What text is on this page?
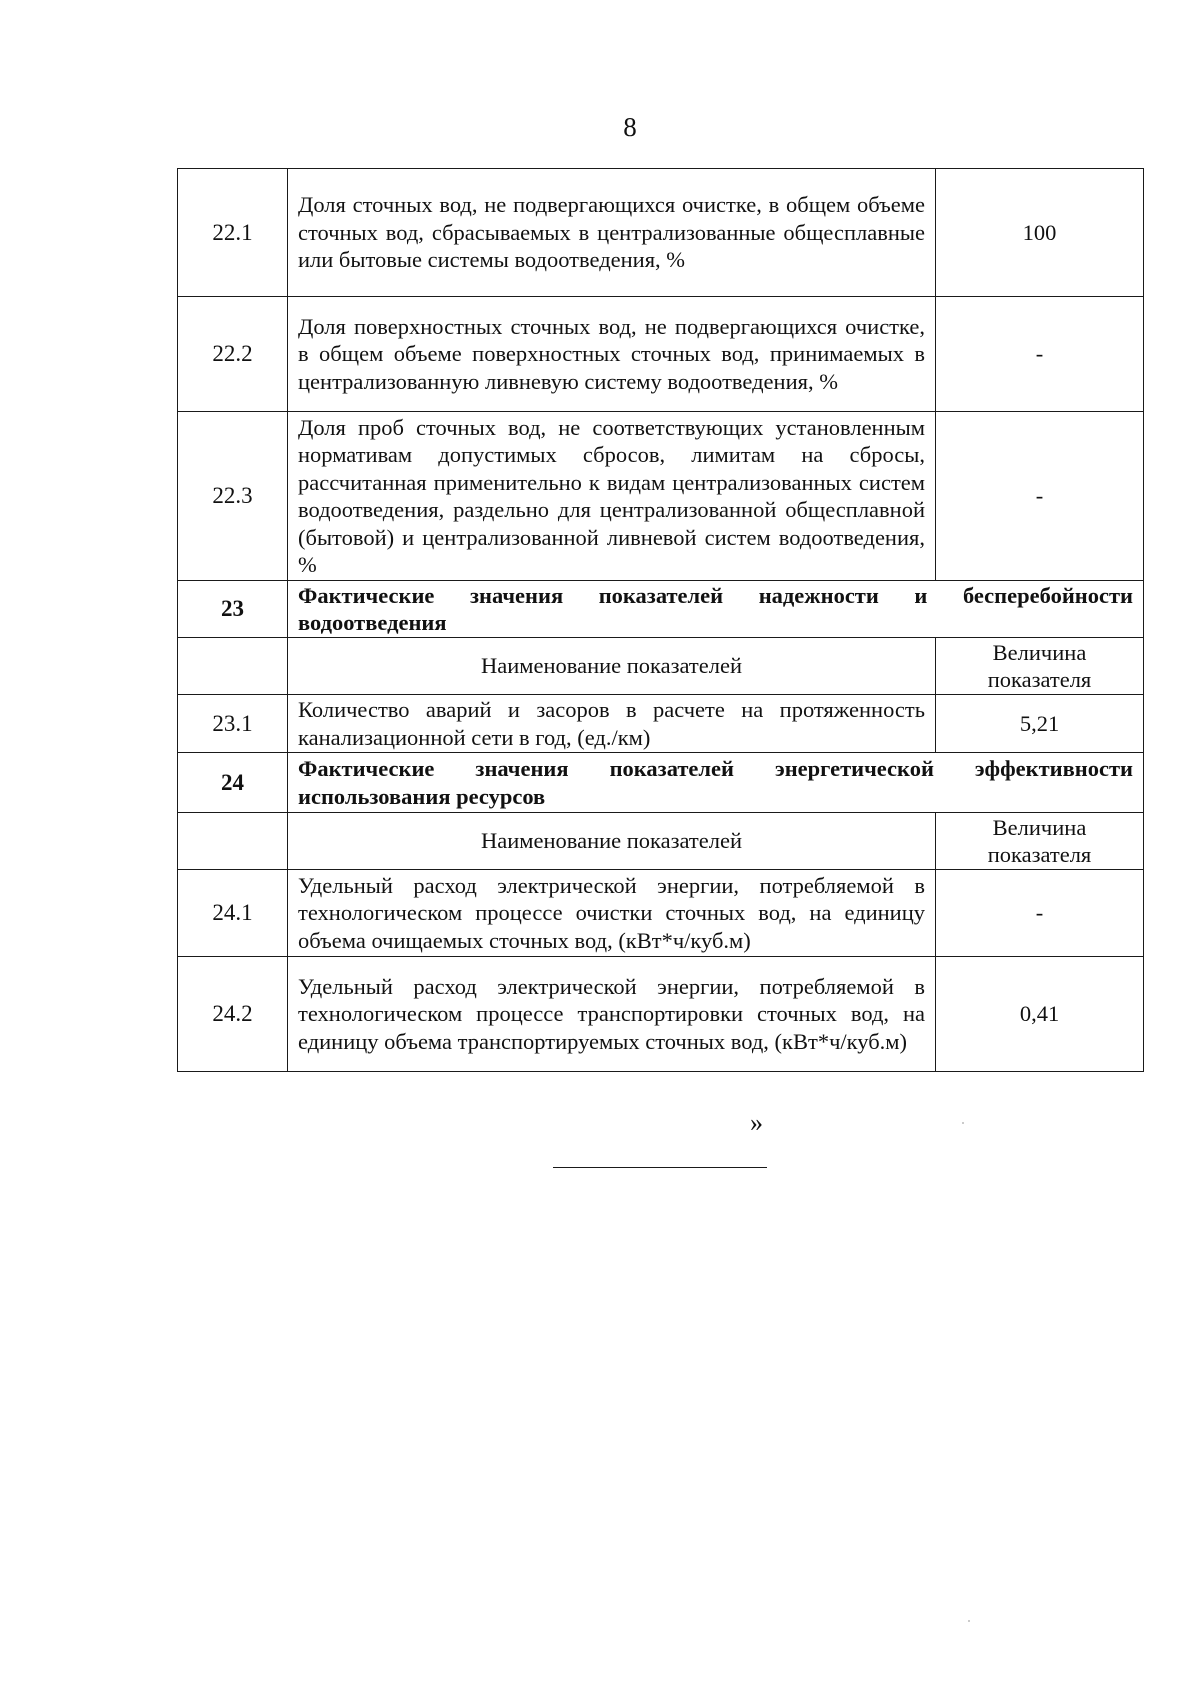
8
22.1	Доля сточных вод, не подвергающихся очистке, в общем объеме сточных вод, сбрасываемых в централизованные общесплавные или бытовые системы водоотведения, %	100
22.2	Доля поверхностных сточных вод, не подвергающихся очистке, в общем объеме поверхностных сточных вод, принимаемых в централизованную ливневую систему водоотведения, %	-
22.3	Доля проб сточных вод, не соответствующих установленным нормативам допустимых сбросов, лимитам на сбросы, рассчитанная применительно к видам централизованных систем водоотведения, раздельно для централизованной общесплавной (бытовой) и централизованной ливневой систем водоотведения, %	-
23	Фактические значения показателей надежности и бесперебойности водоотведения	
	Наименование показателей	Величина показателя
23.1	Количество аварий и засоров в расчете на протяженность канализационной сети в год, (ед./км)	5,21
24	Фактические значения показателей энергетической эффективности использования ресурсов	
	Наименование показателей	Величина показателя
24.1	Удельный расход электрической энергии, потребляемой в технологическом процессе очистки сточных вод, на единицу объема очищаемых сточных вод, (кВт*ч/куб.м)	-
24.2	Удельный расход электрической энергии, потребляемой в технологическом процессе транспортировки сточных вод, на единицу объема транспортируемых сточных вод, (кВт*ч/куб.м)	0,41
»
